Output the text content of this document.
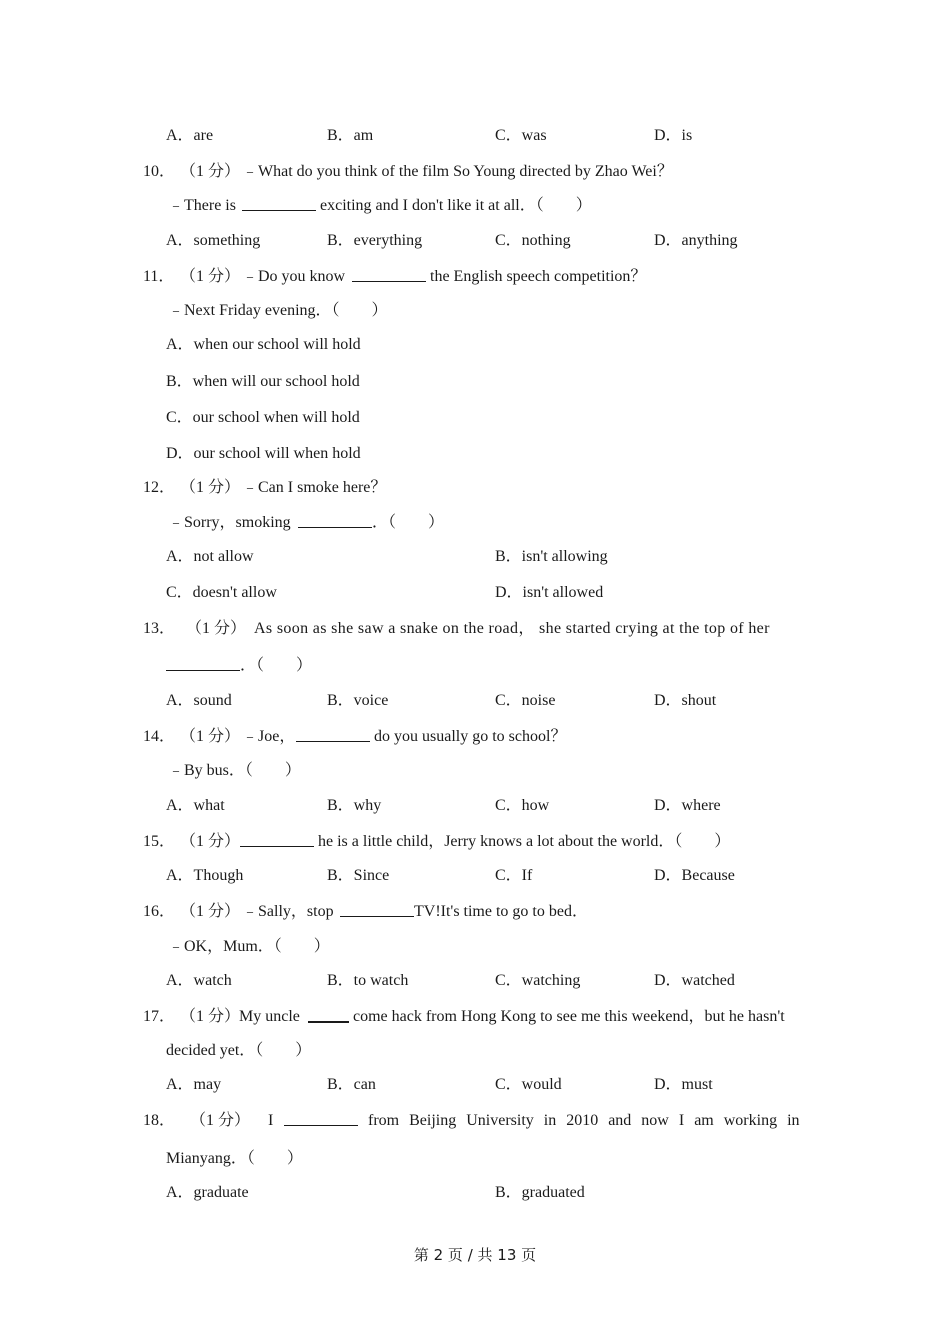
A．are	B．am	C．was	D．is
10． （1 分） ﹣What do you think of the film So Young directed by Zhao Wei？
﹣There is	exciting and I don't like it at all．（　　）
A．something	B．everything	C．nothing	D．anything
11． （1 分） ﹣Do you know	the English speech competition？
﹣Next Friday evening．（　　）
A．when our school will hold
B．when will our school hold
C．our school when will hold
D．our school will when hold
12． （1 分） ﹣Can I smoke here？
﹣Sorry，smoking	．（　　）
A．not allow	B．isn't allowing
C．doesn't allow	D．isn't allowed
13． （1 分） As soon as she saw a snake on the road， she started crying at the top of her
．（　　）
A．sound	B．voice	C．noise	D．shout
14． （1 分） ﹣Joe，	do you usually go to school？
﹣By bus．（　　）
A．what	B．why	C．how	D．where
15． （1 分）	he is a little child，Jerry knows a lot about the world．（　　）
A．Though	B．Since	C．If	D．Because
16． （1 分） ﹣Sally，stop	TV!It's time to go to bed．
﹣OK，Mum．（　　）
A．watch	B．to watch	C．watching	D．watched
17． （1 分）
My uncle	come hack from Hong Kong to see me this weekend，but he hasn't
decided yet．（　　）
A．may	B．can	C．would	D．must
18． （1 分） I	from Beijing University in 2010 and now I am working in
Mianyang．（　　）
A．graduate	B．graduated
第 2 页 / 共 13 页
